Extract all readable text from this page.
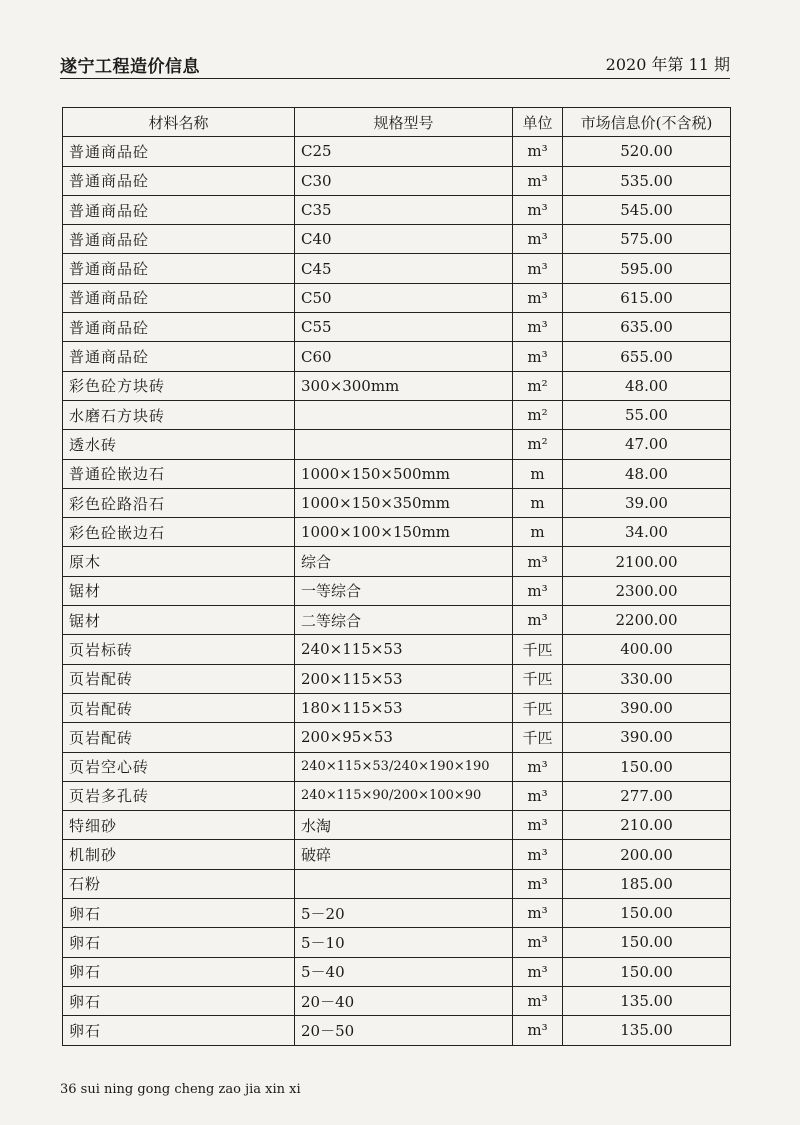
遂宁工程造价信息	2020 年第 11 期
材料名称	规格型号	单位	市场信息价(不含税)
普通商品砼	C25	m³	520.00
普通商品砼	C30	m³	535.00
普通商品砼	C35	m³	545.00
普通商品砼	C40	m³	575.00
普通商品砼	C45	m³	595.00
普通商品砼	C50	m³	615.00
普通商品砼	C55	m³	635.00
普通商品砼	C60	m³	655.00
彩色砼方块砖	300×300mm	m²	48.00
水磨石方块砖		m²	55.00
透水砖		m²	47.00
普通砼嵌边石	1000×150×500mm	m	48.00
彩色砼路沿石	1000×150×350mm	m	39.00
彩色砼嵌边石	1000×100×150mm	m	34.00
原木	综合	m³	2100.00
锯材	一等综合	m³	2300.00
锯材	二等综合	m³	2200.00
页岩标砖	240×115×53	千匹	400.00
页岩配砖	200×115×53	千匹	330.00
页岩配砖	180×115×53	千匹	390.00
页岩配砖	200×95×53	千匹	390.00
页岩空心砖	240×115×53/240×190×190	m³	150.00
页岩多孔砖	240×115×90/200×100×90	m³	277.00
特细砂	水淘	m³	210.00
机制砂	破碎	m³	200.00
石粉		m³	185.00
卵石	5－20	m³	150.00
卵石	5－10	m³	150.00
卵石	5－40	m³	150.00
卵石	20－40	m³	135.00
卵石	20－50	m³	135.00
36 sui ning gong cheng zao jia xin xi
